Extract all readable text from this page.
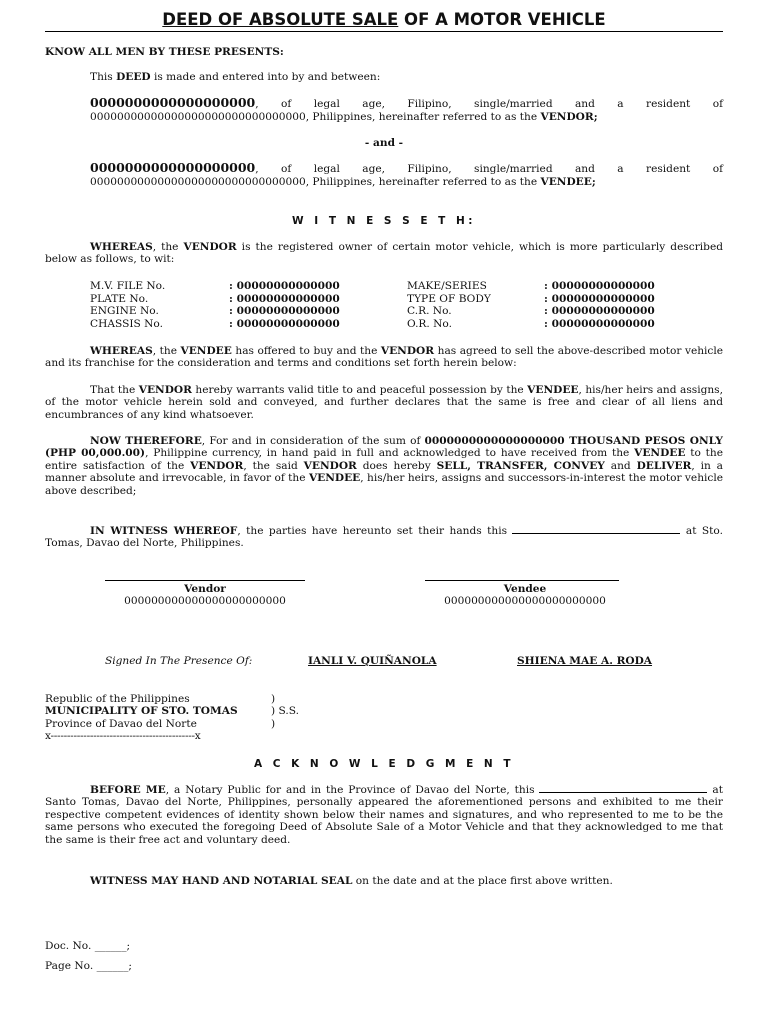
DEED OF ABSOLUTE SALE OF A MOTOR VEHICLE
KNOW ALL MEN BY THESE PRESENTS:
This DEED is made and entered into by and between:
0000000000000000000, of legal age, Filipino, single/married and a resident of
00000000000000000000000000000000, Philippines, hereinafter referred to as the VENDOR;
- and -
0000000000000000000, of legal age, Filipino, single/married and a resident of
00000000000000000000000000000000, Philippines, hereinafter referred to as the VENDEE;
W I T N E S S E T H:
WHEREAS, the VENDOR is the registered owner of certain motor vehicle, which is more particularly described below as follows, to wit:
M.V. FILE No.	: 00000000000000	MAKE/SERIES	: 00000000000000
PLATE No.	: 00000000000000	TYPE OF BODY	: 00000000000000
ENGINE No.	: 00000000000000	C.R. No.	: 00000000000000
CHASSIS No.	: 00000000000000	O.R. No.	: 00000000000000
WHEREAS, the VENDEE has offered to buy and the VENDOR has agreed to sell the above-described motor vehicle and its franchise for the consideration and terms and conditions set forth herein below:
That the VENDOR hereby warrants valid title to and peaceful possession by the VENDEE, his/her heirs and assigns, of the motor vehicle herein sold and conveyed, and further declares that the same is free and clear of all liens and encumbrances of any kind whatsoever.
NOW THEREFORE, For and in consideration of the sum of 0000000000000000000 THOUSAND PESOS ONLY (PHP 00,000.00), Philippine currency, in hand paid in full and acknowledged to have received from the VENDEE to the entire satisfaction of the VENDOR, the said VENDOR does hereby SELL, TRANSFER, CONVEY and DELIVER, in a manner absolute and irrevocable, in favor of the VENDEE, his/her heirs, assigns and successors-in-interest the motor vehicle above described;
IN WITNESS WHEREOF, the parties have hereunto set their hands this	at Sto. Tomas, Davao del Norte, Philippines.
Vendor
000000000000000000000000
Vendee
000000000000000000000000
Signed In The Presence Of:	IANLI V. QUIÑANOLA	SHIENA MAE A. RODA
Republic of the Philippines
MUNICIPALITY OF STO. TOMAS
Province of Davao del Norte
)
) S.S.
)
x--------------------------------------------x
A C K N O W L E D G M E N T
BEFORE ME, a Notary Public for and in the Province of Davao del Norte, this	at Santo Tomas, Davao del Norte, Philippines, personally appeared the aforementioned persons and exhibited to me their respective competent evidences of identity shown below their names and signatures, and who represented to me to be the same persons who executed the foregoing Deed of Absolute Sale of a Motor Vehicle and that they acknowledged to me that the same is their free act and voluntary deed.
WITNESS MAY HAND AND NOTARIAL SEAL on the date and at the place first above written.
Doc. No. ______;
Page No. ______;
